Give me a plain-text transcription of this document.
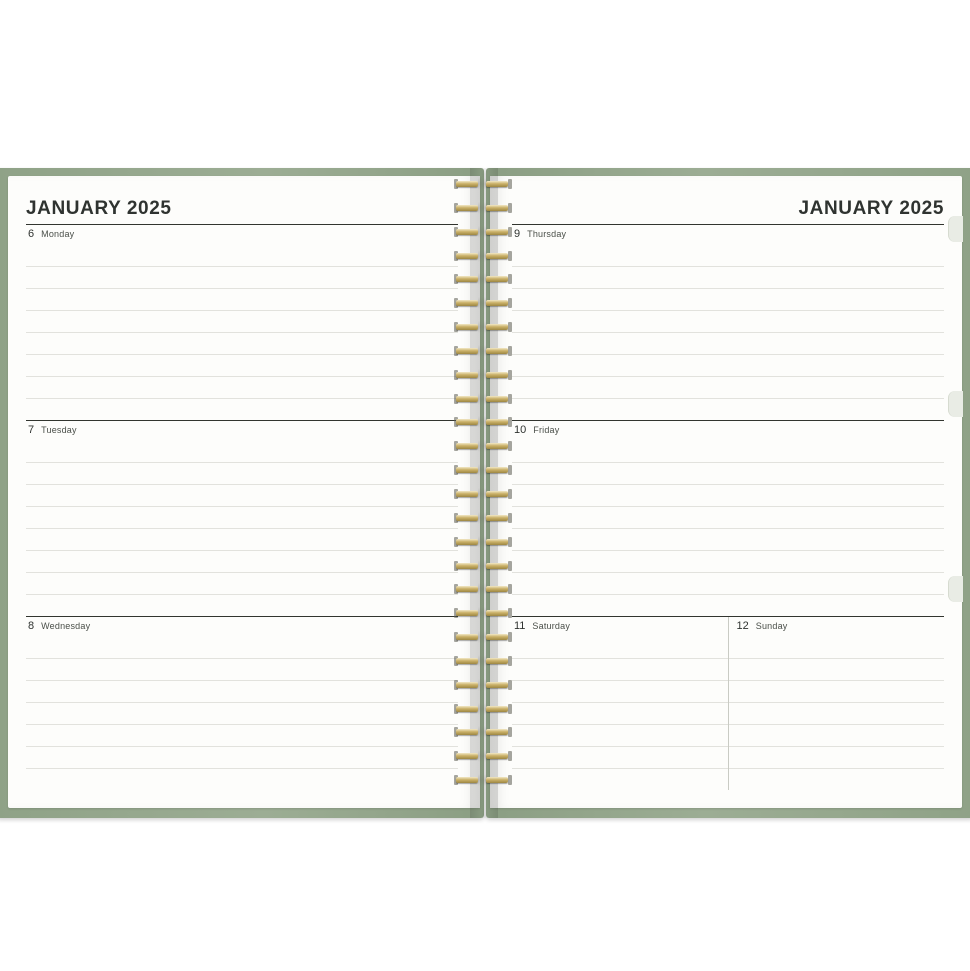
JANUARY 2025
6 Monday
7 Tuesday
8 Wednesday
JANUARY 2025
9 Thursday
10 Friday
11 Saturday	12 Sunday
